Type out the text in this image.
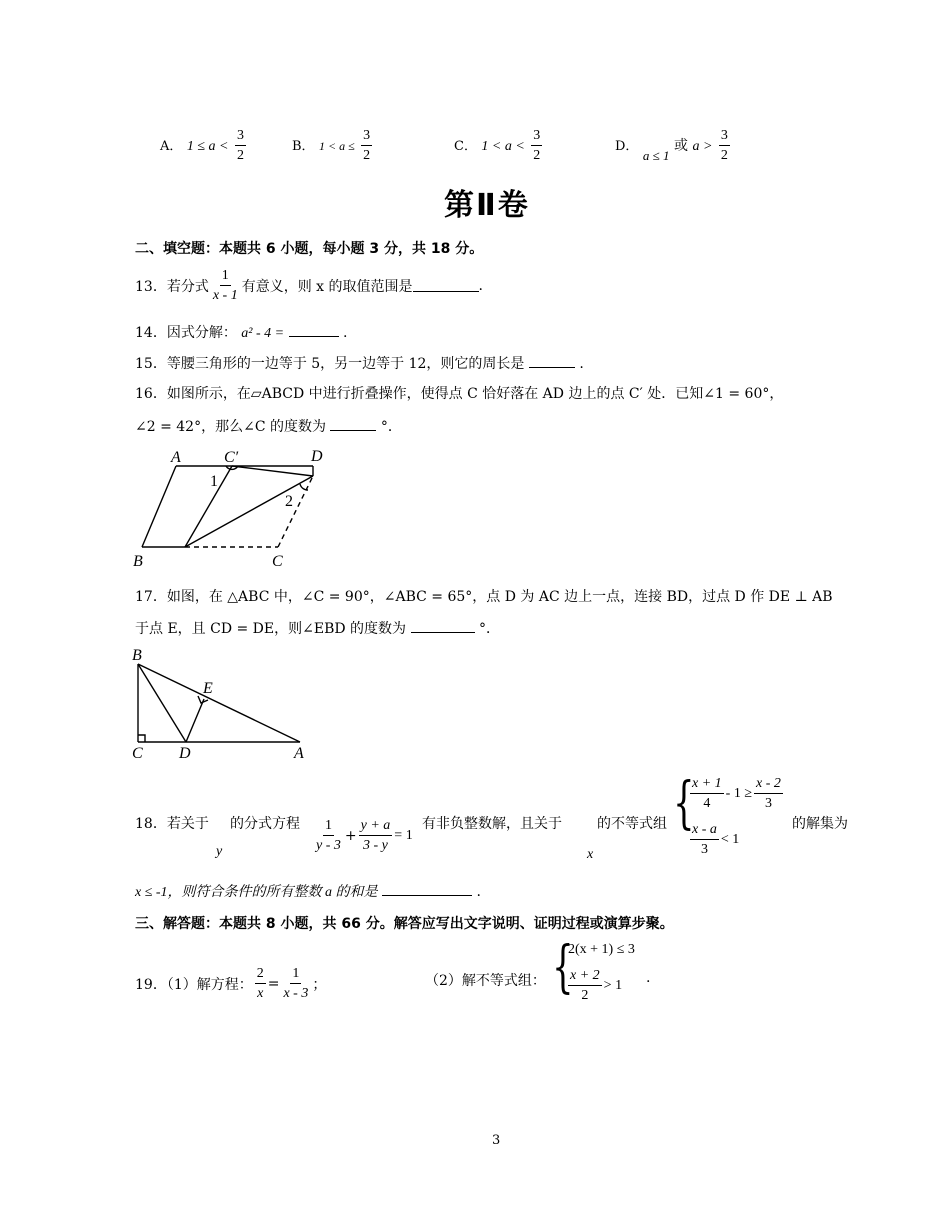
A． $1 \le a < \frac{3}{2}$	B． $1 < a \le \frac{3}{2}$	C． $1 < a < \frac{3}{2}$	D． a ≤ 1 或 $a > \frac{3}{2}$
第Ⅱ卷
二、填空题：本题共 6 小题，每小题 3 分，共 18 分。
13．若分式 $\frac{1}{x - 1}$ 有意义，则 x 的取值范围是	.
14．因式分解： a² - 4 =	.
15．等腰三角形的一边等于 5，另一边等于 12，则它的周长是	.
16．如图所示，在▱ABCD 中进行折叠操作，使得点 C 恰好落在 AD 边上的点 C′ 处．已知∠1 = 60°，
∠2 = 42°，那么∠C 的度数为	°．
A	C′	D
1
2
B	C
17．如图，在 △ABC 中，∠C = 90°，∠ABC = 65°，点 D 为 AC 边上一点，连接 BD，过点 D 作 DE ⊥ AB
于点 E，且 CD = DE，则∠EBD 的度数为	°．
B
E
C D	A
18．若关于
y
的分式方程 $\frac{1}{y - 3} + \frac{y + a}{3 - y} = 1$
有非负整数解，且关于
x
的不等式组 {
$\frac{x + 1}{4} - 1 \ge \frac{x - 2}{3}$
$\frac{x - a}{3} < 1$
的解集为
x ≤ -1，则符合条件的所有整数 a 的和是	.
三、解答题：本题共 8 小题，共 66 分。解答应写出文字说明、证明过程或演算步聚。
19．（1）解方程： $\frac{2}{x} = \frac{1}{x - 3}$ ；	（2）解不等式组： {
2(x + 1) ≤ 3
$\frac{x + 2}{2} > 1$ .
3
